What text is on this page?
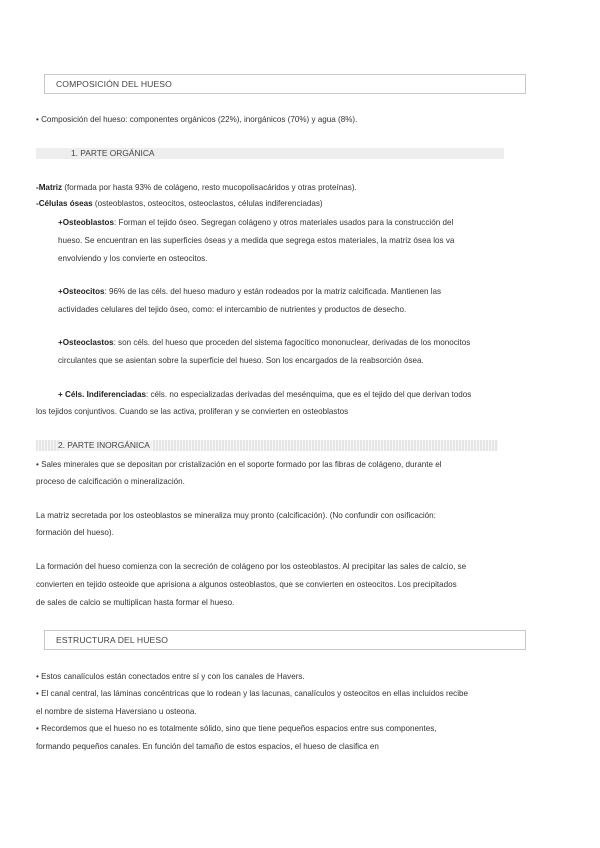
COMPOSICIÓN DEL HUESO
• Composición del hueso: componentes orgánicos (22%), inorgánicos (70%) y agua (8%).
1. PARTE ORGÁNICA
-Matriz (formada por hasta 93% de colágeno, resto mucopolisacáridos y otras proteínas).
-Células óseas (osteoblastos, osteocitos, osteoclastos, células indiferenciadas)
+Osteoblastos: Forman el tejido óseo. Segregan colágeno y otros materiales usados para la construcción del
hueso. Se encuentran en las superficies óseas y a medida que segrega estos materiales, la matriz ósea los va
envolviendo y los convierte en osteocitos.
+Osteocitos: 96% de las céls. del hueso maduro y están rodeados por la matriz calcificada. Mantienen las
actividades celulares del tejido óseo, como: el intercambio de nutrientes y productos de desecho.
+Osteoclastos: son céls. del hueso que proceden del sistema fagocítico mononuclear, derivadas de los monocitos
circulantes que se asientan sobre la superficie del hueso. Son los encargados de la reabsorción ósea.
+ Céls. Indiferenciadas: céls. no especializadas derivadas del mesénquima, que es el tejido del que derivan todos
los tejidos conjuntivos. Cuando se las activa, proliferan y se convierten en osteoblastos
2. PARTE INORGÁNICA
• Sales minerales que se depositan por cristalización en el soporte formado por las fibras de colágeno, durante el
proceso de calcificación o mineralización.
La matriz secretada por los osteoblastos se mineraliza muy pronto (calcificación). (No confundir con osificación:
formación del hueso).
La formación del hueso comienza con la secreción de colágeno por los osteoblastos. Al precipitar las sales de calcio, se
convierten en tejido osteoide que aprisiona a algunos osteoblastos, que se convierten en osteocitos. Los precipitados
de sales de calcio se multiplican hasta formar el hueso.
ESTRUCTURA DEL HUESO
• Estos canalículos están conectados entre sí y con los canales de Havers.
• El canal central, las láminas concéntricas que lo rodean y las lacunas, canalículos y osteocitos en ellas incluidos recibe
el nombre de sistema Haversiano u osteona.
• Recordemos que el hueso no es totalmente sólido, sino que tiene pequeños espacios entre sus componentes,
formando pequeños canales. En función del tamaño de estos espacios, el hueso de clasifica en
